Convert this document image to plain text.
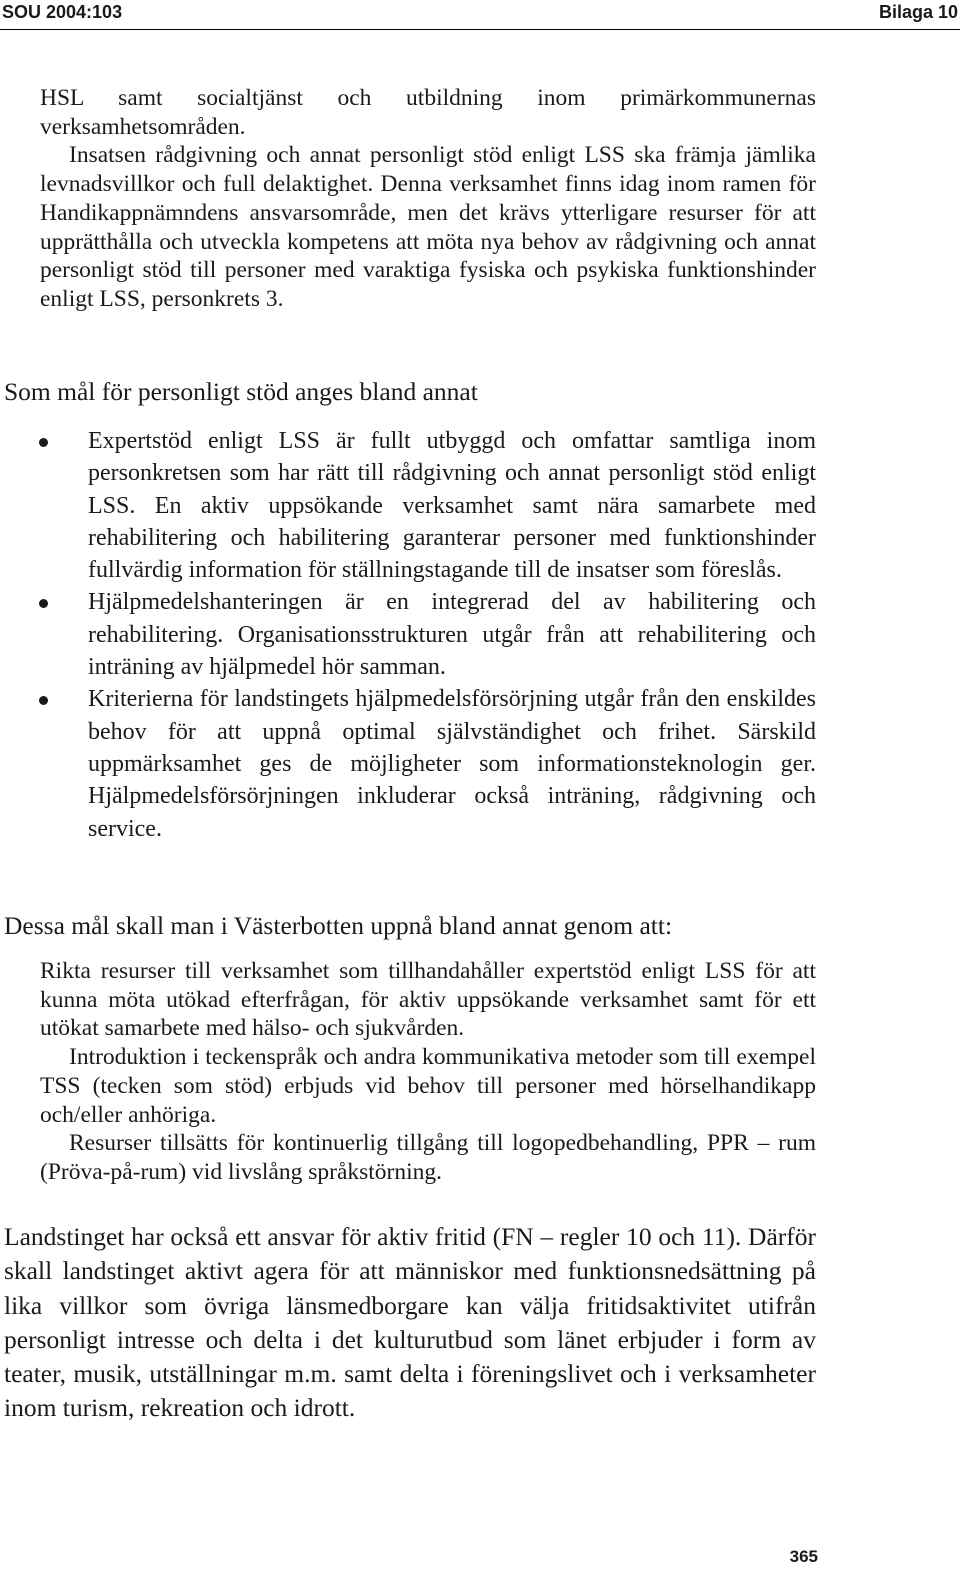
SOU 2004:103	Bilaga 10

HSL samt socialtjänst och utbildning inom primärkommunernas verksamhetsområden.

Insatsen rådgivning och annat personligt stöd enligt LSS ska främja jämlika levnadsvillkor och full delaktighet. Denna verksamhet finns idag inom ramen för Handikappnämndens ansvarsområde, men det krävs ytterligare resurser för att upprätthålla och utveckla kompetens att möta nya behov av rådgivning och annat personligt stöd till personer med varaktiga fysiska och psykiska funktionshinder enligt LSS, personkrets 3.

Som mål för personligt stöd anges bland annat

Expertstöd enligt LSS är fullt utbyggd och omfattar samtliga inom personkretsen som har rätt till rådgivning och annat personligt stöd enligt LSS. En aktiv uppsökande verksamhet samt nära samarbete med rehabilitering och habilitering garanterar personer med funktionshinder fullvärdig information för ställningstagande till de insatser som föreslås.
Hjälpmedelshanteringen är en integrerad del av habilitering och rehabilitering. Organisationsstrukturen utgår från att rehabilitering och inträning av hjälpmedel hör samman.
Kriterierna för landstingets hjälpmedelsförsörjning utgår från den enskildes behov för att uppnå optimal självständighet och frihet. Särskild uppmärksamhet ges de möjligheter som informationsteknologin ger. Hjälpmedelsförsörjningen inkluderar också inträning, rådgivning och service.

Dessa mål skall man i Västerbotten uppnå bland annat genom att:

Rikta resurser till verksamhet som tillhandahåller expertstöd enligt LSS för att kunna möta utökad efterfrågan, för aktiv uppsökande verksamhet samt för ett utökat samarbete med hälso- och sjukvården.

Introduktion i teckenspråk och andra kommunikativa metoder som till exempel TSS (tecken som stöd) erbjuds vid behov till personer med hörselhandikapp och/eller anhöriga.

Resurser tillsätts för kontinuerlig tillgång till logopedbehandling, PPR – rum (Pröva-på-rum) vid livslång språkstörning.

Landstinget har också ett ansvar för aktiv fritid (FN – regler 10 och 11). Därför skall landstinget aktivt agera för att människor med funktionsnedsättning på lika villkor som övriga länsmedborgare kan välja fritidsaktivitet utifrån personligt intresse och delta i det kulturutbud som länet erbjuder i form av teater, musik, utställningar m.m. samt delta i föreningslivet och i verksamheter inom turism, rekreation och idrott.

365
